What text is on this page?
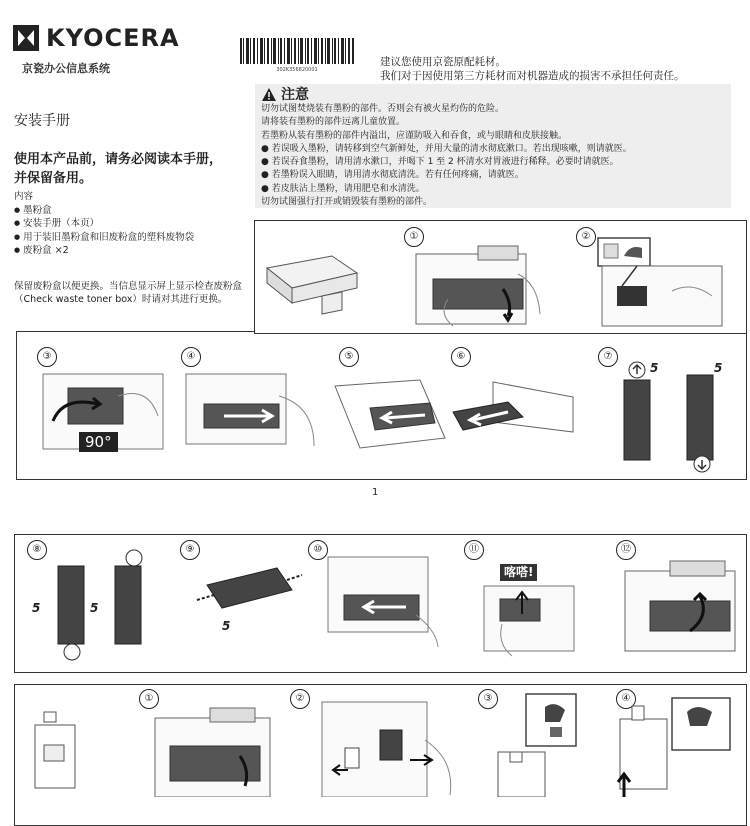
KYOCERA
京瓷办公信息系统	302K356820001
建议您使用京瓷原配耗材。
我们对于因使用第三方耗材而对机器造成的损害不承担任何责任。
注意
切勿试图焚烧装有墨粉的部件。否则会有被火星灼伤的危险。
请将装有墨粉的部件远离儿童放置。
若墨粉从装有墨粉的部件内溢出，应谨防吸入和吞食，或与眼睛和皮肤接触。
● 若误吸入墨粉，请转移到空气新鲜处，并用大量的清水彻底漱口。若出现咳嗽，则请就医。
● 若误吞食墨粉，请用清水漱口，并喝下 1 至 2 杯清水对胃液进行稀释。必要时请就医。
● 若墨粉误入眼睛，请用清水彻底清洗。若有任何疼痛，请就医。
● 若皮肤沾上墨粉，请用肥皂和水清洗。
切勿试图强行打开或销毁装有墨粉的部件。
安装手册
使用本产品前，请务必阅读本手册，
并保留备用。
内容
● 墨粉盒
● 安装手册（本页）
● 用于装旧墨粉盒和旧废粉盒的塑料废物袋
● 废粉盒 ×2
保留废粉盒以便更换。当信息显示屏上显示检查废粉盒（Check waste toner box）时请对其进行更换。
①	②
③
90°
④	⑤	⑥	⑦
5	5
1
⑧
5	5
⑨
5
⑩	⑪
喀嗒!
⑫
①	②	③	④
